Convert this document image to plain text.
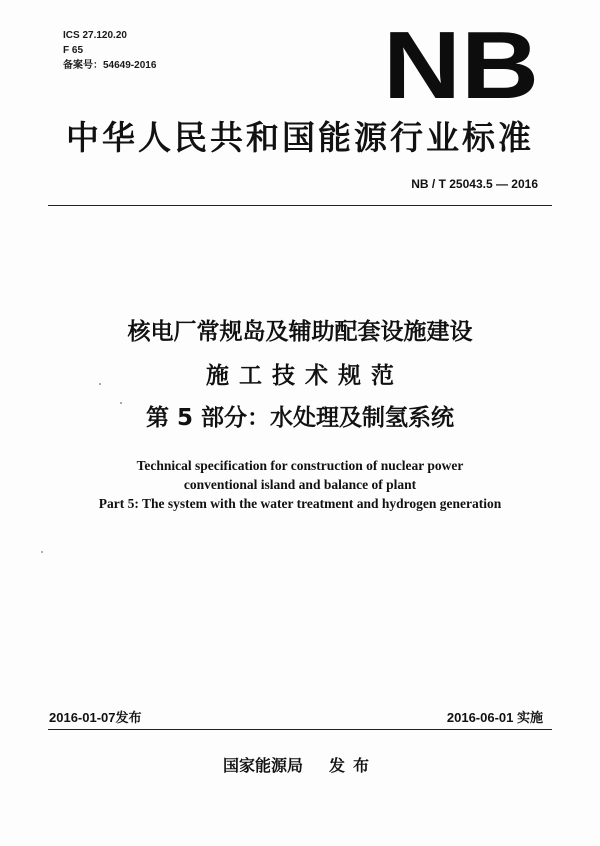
ICS 27.120.20
F 65
备案号：54649-2016 NB
中华人民共和国能源行业标准
NB / T 25043.5 — 2016
核电厂常规岛及辅助配套设施建设
施工技术规范
第 5 部分：水处理及制氢系统
Technical specification for construction of nuclear power
conventional island and balance of plant
Part 5: The system with the water treatment and hydrogen generation
2016-01-07发布	2016-06-01 实施
国家能源局 发布
